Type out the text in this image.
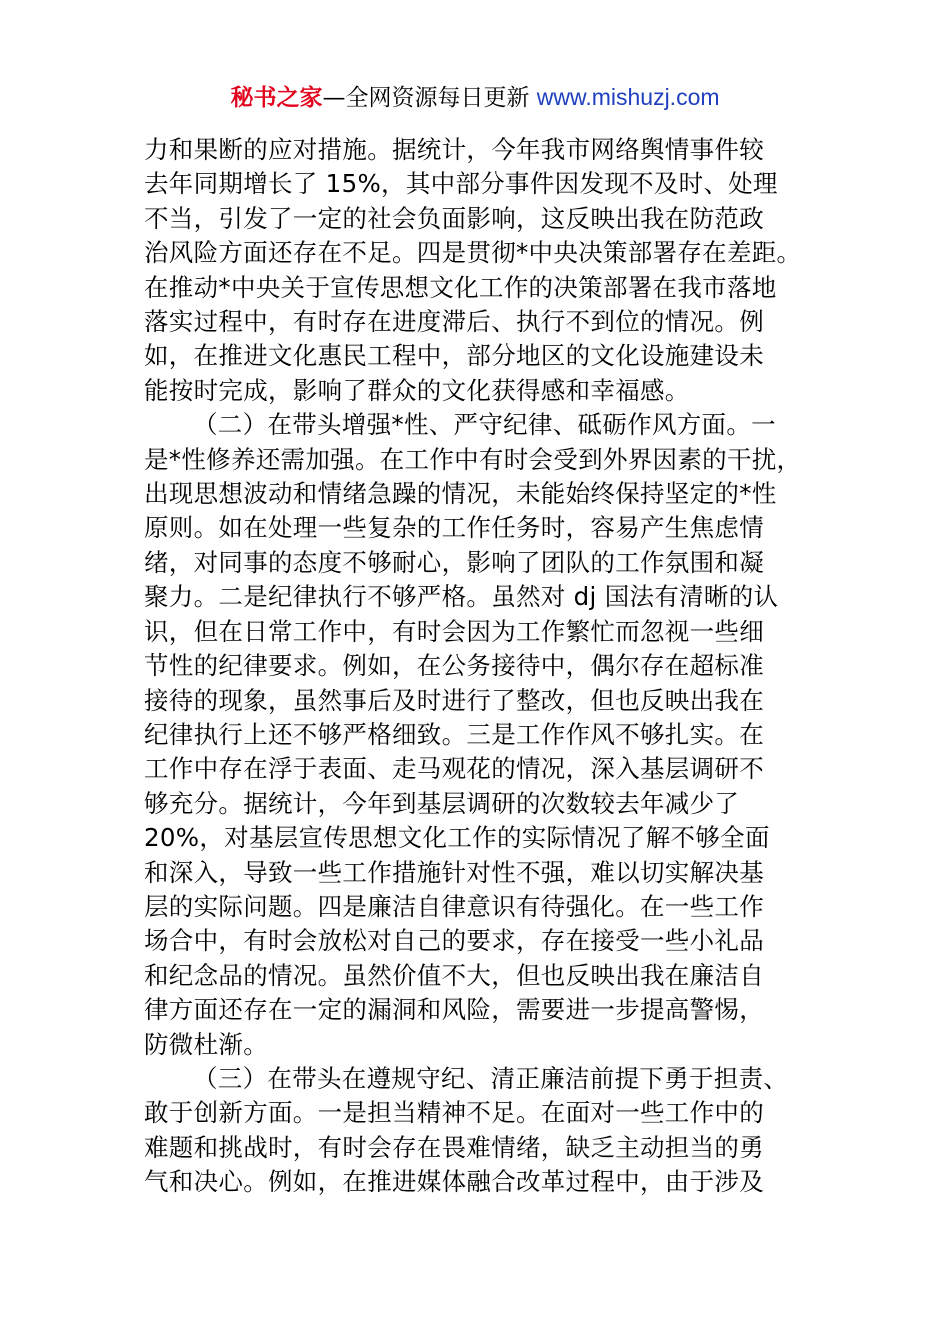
秘书之家—全网资源每日更新 www.mishuzj.com
力和果断的应对措施。据统计，今年我市网络舆情事件较
去年同期增长了 15%，其中部分事件因发现不及时、处理
不当，引发了一定的社会负面影响，这反映出我在防范政
治风险方面还存在不足。四是贯彻*中央决策部署存在差距。
在推动*中央关于宣传思想文化工作的决策部署在我市落地
落实过程中，有时存在进度滞后、执行不到位的情况。例
如，在推进文化惠民工程中，部分地区的文化设施建设未
能按时完成，影响了群众的文化获得感和幸福感。
（二）在带头增强*性、严守纪律、砥砺作风方面。一
是*性修养还需加强。在工作中有时会受到外界因素的干扰，
出现思想波动和情绪急躁的情况，未能始终保持坚定的*性
原则。如在处理一些复杂的工作任务时，容易产生焦虑情
绪，对同事的态度不够耐心，影响了团队的工作氛围和凝
聚力。二是纪律执行不够严格。虽然对 dj 国法有清晰的认
识，但在日常工作中，有时会因为工作繁忙而忽视一些细
节性的纪律要求。例如，在公务接待中，偶尔存在超标准
接待的现象，虽然事后及时进行了整改，但也反映出我在
纪律执行上还不够严格细致。三是工作作风不够扎实。在
工作中存在浮于表面、走马观花的情况，深入基层调研不
够充分。据统计，今年到基层调研的次数较去年减少了
20%，对基层宣传思想文化工作的实际情况了解不够全面
和深入，导致一些工作措施针对性不强，难以切实解决基
层的实际问题。四是廉洁自律意识有待强化。在一些工作
场合中，有时会放松对自己的要求，存在接受一些小礼品
和纪念品的情况。虽然价值不大，但也反映出我在廉洁自
律方面还存在一定的漏洞和风险，需要进一步提高警惕，
防微杜渐。
（三）在带头在遵规守纪、清正廉洁前提下勇于担责、
敢于创新方面。一是担当精神不足。在面对一些工作中的
难题和挑战时，有时会存在畏难情绪，缺乏主动担当的勇
气和决心。例如，在推进媒体融合改革过程中，由于涉及
